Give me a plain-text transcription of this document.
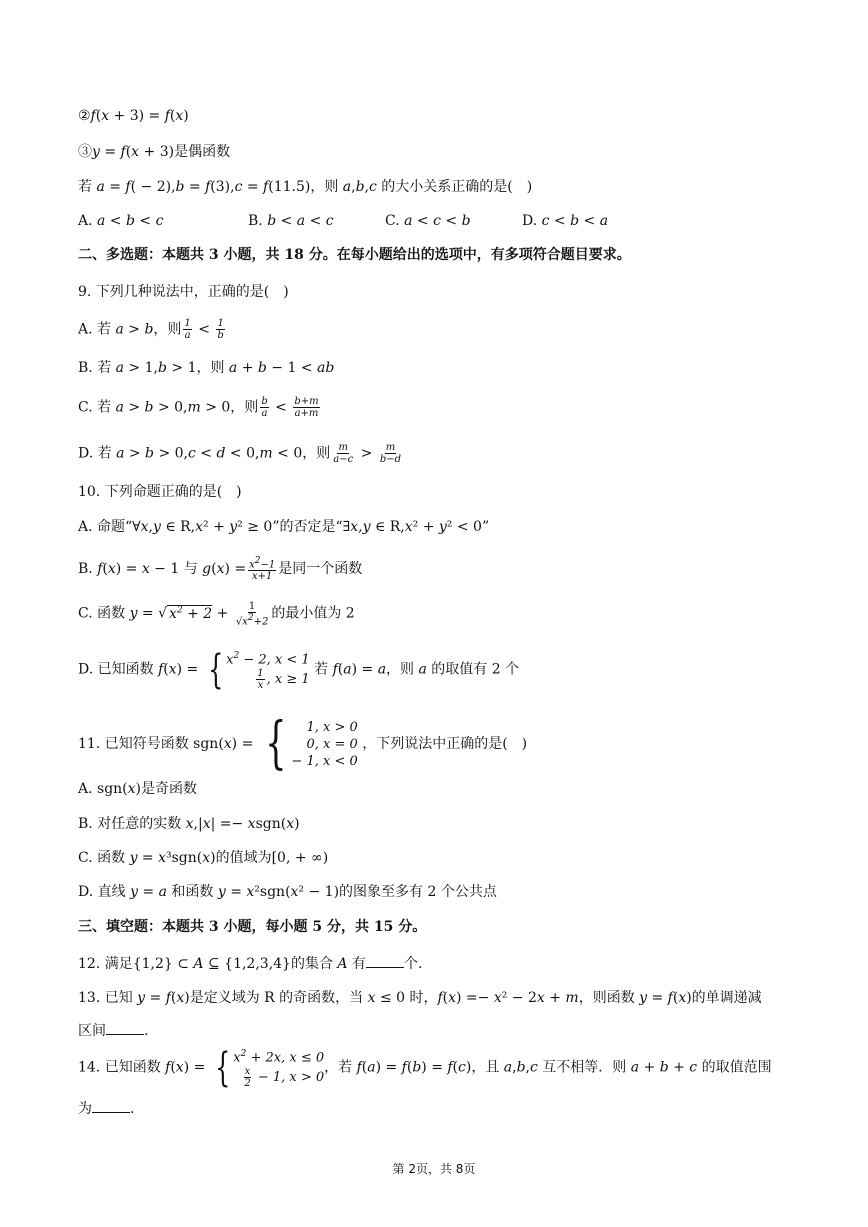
②𝑓(𝑥 + 3) = 𝑓(𝑥)
③𝑦 = 𝑓(𝑥 + 3)是偶函数
若 𝑎 = 𝑓( − 2),𝑏 = 𝑓(3),𝑐 = 𝑓(11.5)，则 𝑎,𝑏,𝑐 的大小关系正确的是(　)
A. 𝑎 < 𝑏 < 𝑐	B. 𝑏 < 𝑎 < 𝑐	C. 𝑎 < 𝑐 < 𝑏	D. 𝑐 < 𝑏 < 𝑎
二、多选题：本题共 3 小题，共 18 分。在每小题给出的选项中，有多项符合题目要求。
9. 下列几种说法中，正确的是(　)
A. 若 𝑎 > 𝑏，则 $\frac{1}{a} < \frac{1}{b}$
B. 若 𝑎 > 1,𝑏 > 1，则 𝑎 + 𝑏 − 1 < 𝑎𝑏
C. 若 𝑎 > 𝑏 > 0,𝑚 > 0，则 $\frac{b}{a} < \frac{b+m}{a+m}$
D. 若 𝑎 > 𝑏 > 0,𝑐 < 𝑑 < 0,𝑚 < 0，则 $\frac{m}{a-c} > \frac{m}{b-d}$
10. 下列命题正确的是(　)
A. 命题“∀𝑥,𝑦 ∈ R,𝑥² + 𝑦² ≥ 0”的否定是“∃𝑥,𝑦 ∈ R,𝑥² + 𝑦² < 0”
B. 𝑓(𝑥) = 𝑥 − 1 与 𝑔(𝑥) = $\frac{x^2-1}{x+1}$ 是同一个函数
C. 函数 𝑦 = √ $x^2 + 2 + \frac{1}{√x^2+2}$ 的最小值为 2
D. 已知函数 𝑓(𝑥) = { $x^2 - 2$, x < 1
$\frac{1}{x}$ , x ≥ 1
若 𝑓(𝑎) = 𝑎，则 𝑎 的取值有 2 个
11. 已知符号函数 sgn(𝑥) = { 1, x > 0
0, x = 0
− 1, x < 0
，下列说法中正确的是(　)
A. sgn(𝑥)是奇函数
B. 对任意的实数 𝑥,|𝑥| =− 𝑥sgn(𝑥)
C. 函数 𝑦 = 𝑥³sgn(𝑥)的值域为[0, + ∞)
D. 直线 𝑦 = 𝑎 和函数 𝑦 = 𝑥²sgn(𝑥² − 1)的图象至多有 2 个公共点
三、填空题：本题共 3 小题，每小题 5 分，共 15 分。
12. 满足{1,2} ⊂ 𝐴 ⊆ {1,2,3,4}的集合 𝐴 有	个.
13. 已知 𝑦 = 𝑓(𝑥)是定义域为 R 的奇函数，当 𝑥 ≤ 0 时，𝑓(𝑥) =− 𝑥² − 2𝑥 + 𝑚，则函数 𝑦 = 𝑓(𝑥)的单调递减
区间	.
14. 已知函数 𝑓(𝑥) = { $x^2 + 2x$, x ≤ 0
$\frac{x}{2} - 1$, x > 0
，若 𝑓(𝑎) = 𝑓(𝑏) = 𝑓(𝑐)，且 𝑎,𝑏,𝑐 互不相等．则 𝑎 + 𝑏 + 𝑐 的取值范围
为	.
第 2页，共 8页
